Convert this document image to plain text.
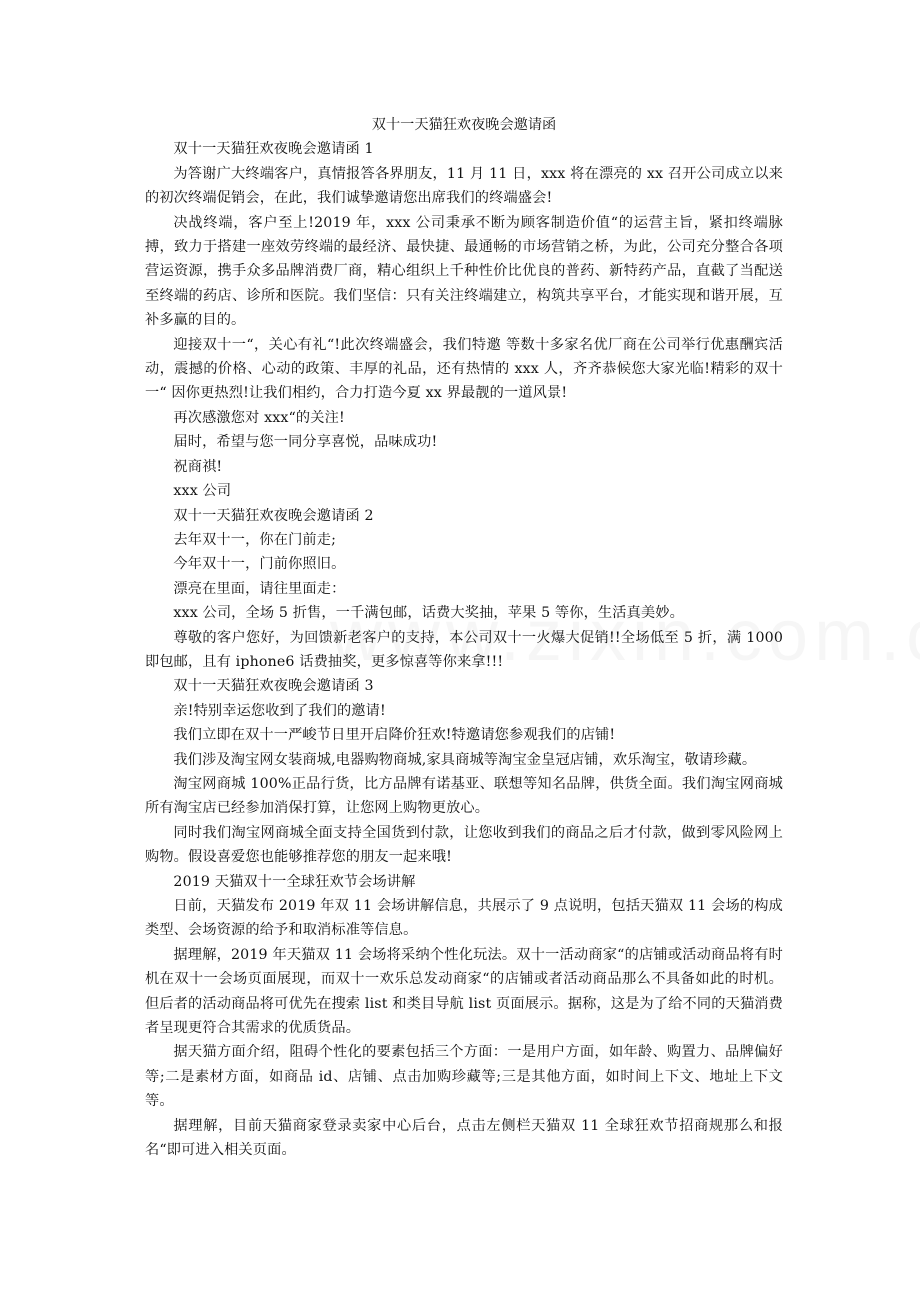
双十一天猫狂欢夜晚会邀请函

双十一天猫狂欢夜晚会邀请函 1

为答谢广大终端客户，真情报答各界朋友，11 月 11 日，xxx 将在漂亮的 xx 召开公司成立以来的初次终端促销会，在此，我们诚挚邀请您出席我们的终端盛会!

决战终端，客户至上!2019 年，xxx 公司秉承不断为顾客制造价值“的运营主旨，紧扣终端脉搏，致力于搭建一座效劳终端的最经济、最快捷、最通畅的市场营销之桥，为此，公司充分整合各项营运资源，携手众多品牌消费厂商，精心组织上千种性价比优良的普药、新特药产品，直截了当配送至终端的药店、诊所和医院。我们坚信：只有关注终端建立，构筑共享平台，才能实现和谐开展，互补多赢的目的。

迎接双十一“，关心有礼“!此次终端盛会，我们特邀 等数十多家名优厂商在公司举行优惠酬宾活动，震撼的价格、心动的政策、丰厚的礼品，还有热情的 xxx 人，齐齐恭候您大家光临!精彩的双十一“ 因你更热烈!让我们相约，合力打造今夏 xx 界最靓的一道风景!

再次感激您对 xxx“的关注!

届时，希望与您一同分享喜悦，品味成功!

祝商祺!

xxx 公司

双十一天猫狂欢夜晚会邀请函 2

去年双十一，你在门前走;

今年双十一，门前你照旧。

漂亮在里面，请往里面走：

xxx 公司，全场 5 折售，一千满包邮，话费大奖抽，苹果 5 等你，生活真美妙。

尊敬的客户您好，为回馈新老客户的支持，本公司双十一火爆大促销!!全场低至 5 折，满 1000 即包邮，且有 iphone6 话费抽奖，更多惊喜等你来拿!!!

双十一天猫狂欢夜晚会邀请函 3

亲!特别幸运您收到了我们的邀请!

我们立即在双十一严峻节日里开启降价狂欢!特邀请您参观我们的店铺!

我们涉及淘宝网女装商城,电器购物商城,家具商城等淘宝金皇冠店铺，欢乐淘宝，敬请珍藏。

淘宝网商城 100%正品行货，比方品牌有诺基亚、联想等知名品牌，供货全面。我们淘宝网商城所有淘宝店已经参加消保打算，让您网上购物更放心。

同时我们淘宝网商城全面支持全国货到付款，让您收到我们的商品之后才付款，做到零风险网上购物。假设喜爱您也能够推荐您的朋友一起来哦!

2019 天猫双十一全球狂欢节会场讲解

日前，天猫发布 2019 年双 11 会场讲解信息，共展示了 9 点说明，包括天猫双 11 会场的构成类型、会场资源的给予和取消标准等信息。

据理解，2019 年天猫双 11 会场将采纳个性化玩法。双十一活动商家“的店铺或活动商品将有时机在双十一会场页面展现，而双十一欢乐总发动商家“的店铺或者活动商品那么不具备如此的时机。但后者的活动商品将可优先在搜索 list 和类目导航 list 页面展示。据称，这是为了给不同的天猫消费者呈现更符合其需求的优质货品。

据天猫方面介绍，阻碍个性化的要素包括三个方面：一是用户方面，如年龄、购置力、品牌偏好等;二是素材方面，如商品 id、店铺、点击加购珍藏等;三是其他方面，如时间上下文、地址上下文等。

据理解，目前天猫商家登录卖家中心后台，点击左侧栏天猫双 11 全球狂欢节招商规那么和报名“即可进入相关页面。
